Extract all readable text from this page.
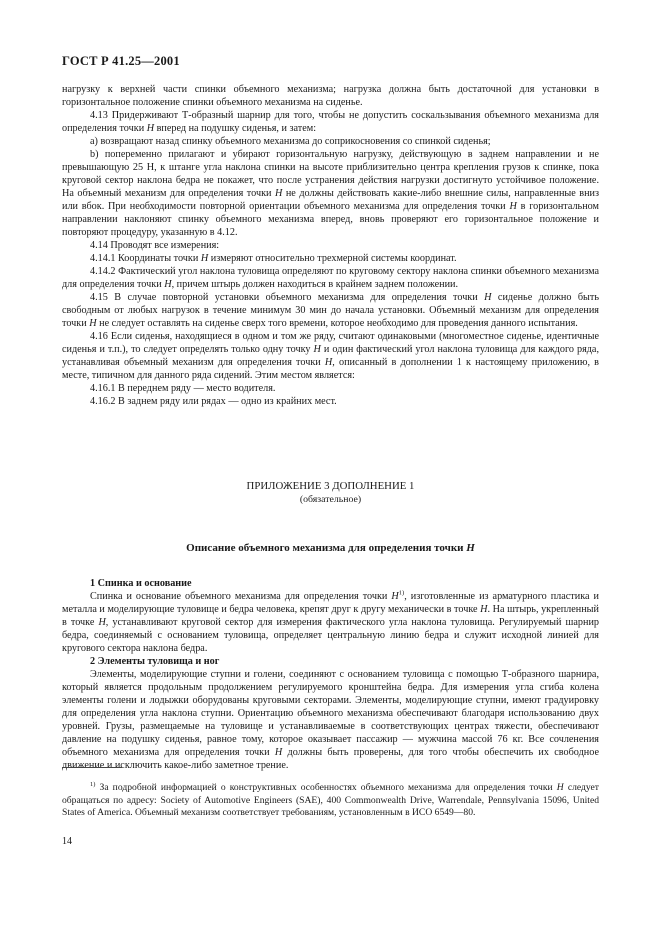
ГОСТ Р 41.25—2001

нагрузку к верхней части спинки объемного механизма; нагрузка должна быть достаточной для установки в горизонтальное положение спинки объемного механизма на сиденье.

4.13 Придерживают Т-образный шарнир для того, чтобы не допустить соскальзывания объемного механизма для определения точки H вперед на подушку сиденья, и затем:

а) возвращают назад спинку объемного механизма до соприкосновения со спинкой сиденья;

b) попеременно прилагают и убирают горизонтальную нагрузку, действующую в заднем направлении и не превышающую 25 Н, к штанге угла наклона спинки на высоте приблизительно центра крепления грузов к спинке, пока круговой сектор наклона бедра не покажет, что после устранения действия нагрузки достигнуто устойчивое положение. На объемный механизм для определения точки H не должны действовать какие-либо внешние силы, направленные вниз или вбок. При необходимости повторной ориентации объемного механизма для определения точки H в горизонтальном направлении наклоняют спинку объемного механизма вперед, вновь проверяют его горизонтальное положение и повторяют процедуру, указанную в 4.12.

4.14 Проводят все измерения:

4.14.1 Координаты точки H измеряют относительно трехмерной системы координат.

4.14.2 Фактический угол наклона туловища определяют по круговому сектору наклона спинки объемного механизма для определения точки H, причем штырь должен находиться в крайнем заднем положении.

4.15 В случае повторной установки объемного механизма для определения точки H сиденье должно быть свободным от любых нагрузок в течение минимум 30 мин до начала установки. Объемный механизм для определения точки H не следует оставлять на сиденье сверх того времени, которое необходимо для проведения данного испытания.

4.16 Если сиденья, находящиеся в одном и том же ряду, считают одинаковыми (многоместное сиденье, идентичные сиденья и т.п.), то следует определять только одну точку H и один фактический угол наклона туловища для каждого ряда, устанавливая объемный механизм для определения точки H, описанный в дополнении 1 к настоящему приложению, в месте, типичном для данного ряда сидений. Этим местом является:

4.16.1 В переднем ряду — место водителя.

4.16.2 В заднем ряду или рядах — одно из крайних мест.

ПРИЛОЖЕНИЕ 3 ДОПОЛНЕНИЕ 1
(обязательное)
Описание объемного механизма для определения точки H

1 Спинка и основание

Спинка и основание объемного механизма для определения точки $H^{1)}$, изготовленные из арматурного пластика и металла и моделирующие туловище и бедра человека, крепят друг к другу механически в точке H. На штырь, укрепленный в точке H, устанавливают круговой сектор для измерения фактического угла наклона туловища. Регулируемый шарнир бедра, соединяемый с основанием туловища, определяет центральную линию бедра и служит исходной линией для кругового сектора наклона бедра.

2 Элементы туловища и ног

Элементы, моделирующие ступни и голени, соединяют с основанием туловища с помощью Т-образного шарнира, который является продольным продолжением регулируемого кронштейна бедра. Для измерения угла сгиба колена элементы голени и лодыжки оборудованы круговыми секторами. Элементы, моделирующие ступни, имеют градуировку для определения угла наклона ступни. Ориентацию объемного механизма обеспечивают благодаря использованию двух уровней. Грузы, размещаемые на туловище и устанавливаемые в соответствующих центрах тяжести, обеспечивают давление на подушку сиденья, равное тому, которое оказывает пассажир — мужчина массой 76 кг. Все сочленения объемного механизма для определения точки H должны быть проверены, для того чтобы обеспечить их свободное движение и исключить какое-либо заметное трение.

$^{1)}$ За подробной информацией о конструктивных особенностях объемного механизма для определения точки H следует обращаться по адресу: Society of Automotive Engineers (SAE), 400 Commonwealth Drive, Warrendale, Pennsylvania 15096, United States of America. Объемный механизм соответствует требованиям, установленным в ИСО 6549—80.

14
